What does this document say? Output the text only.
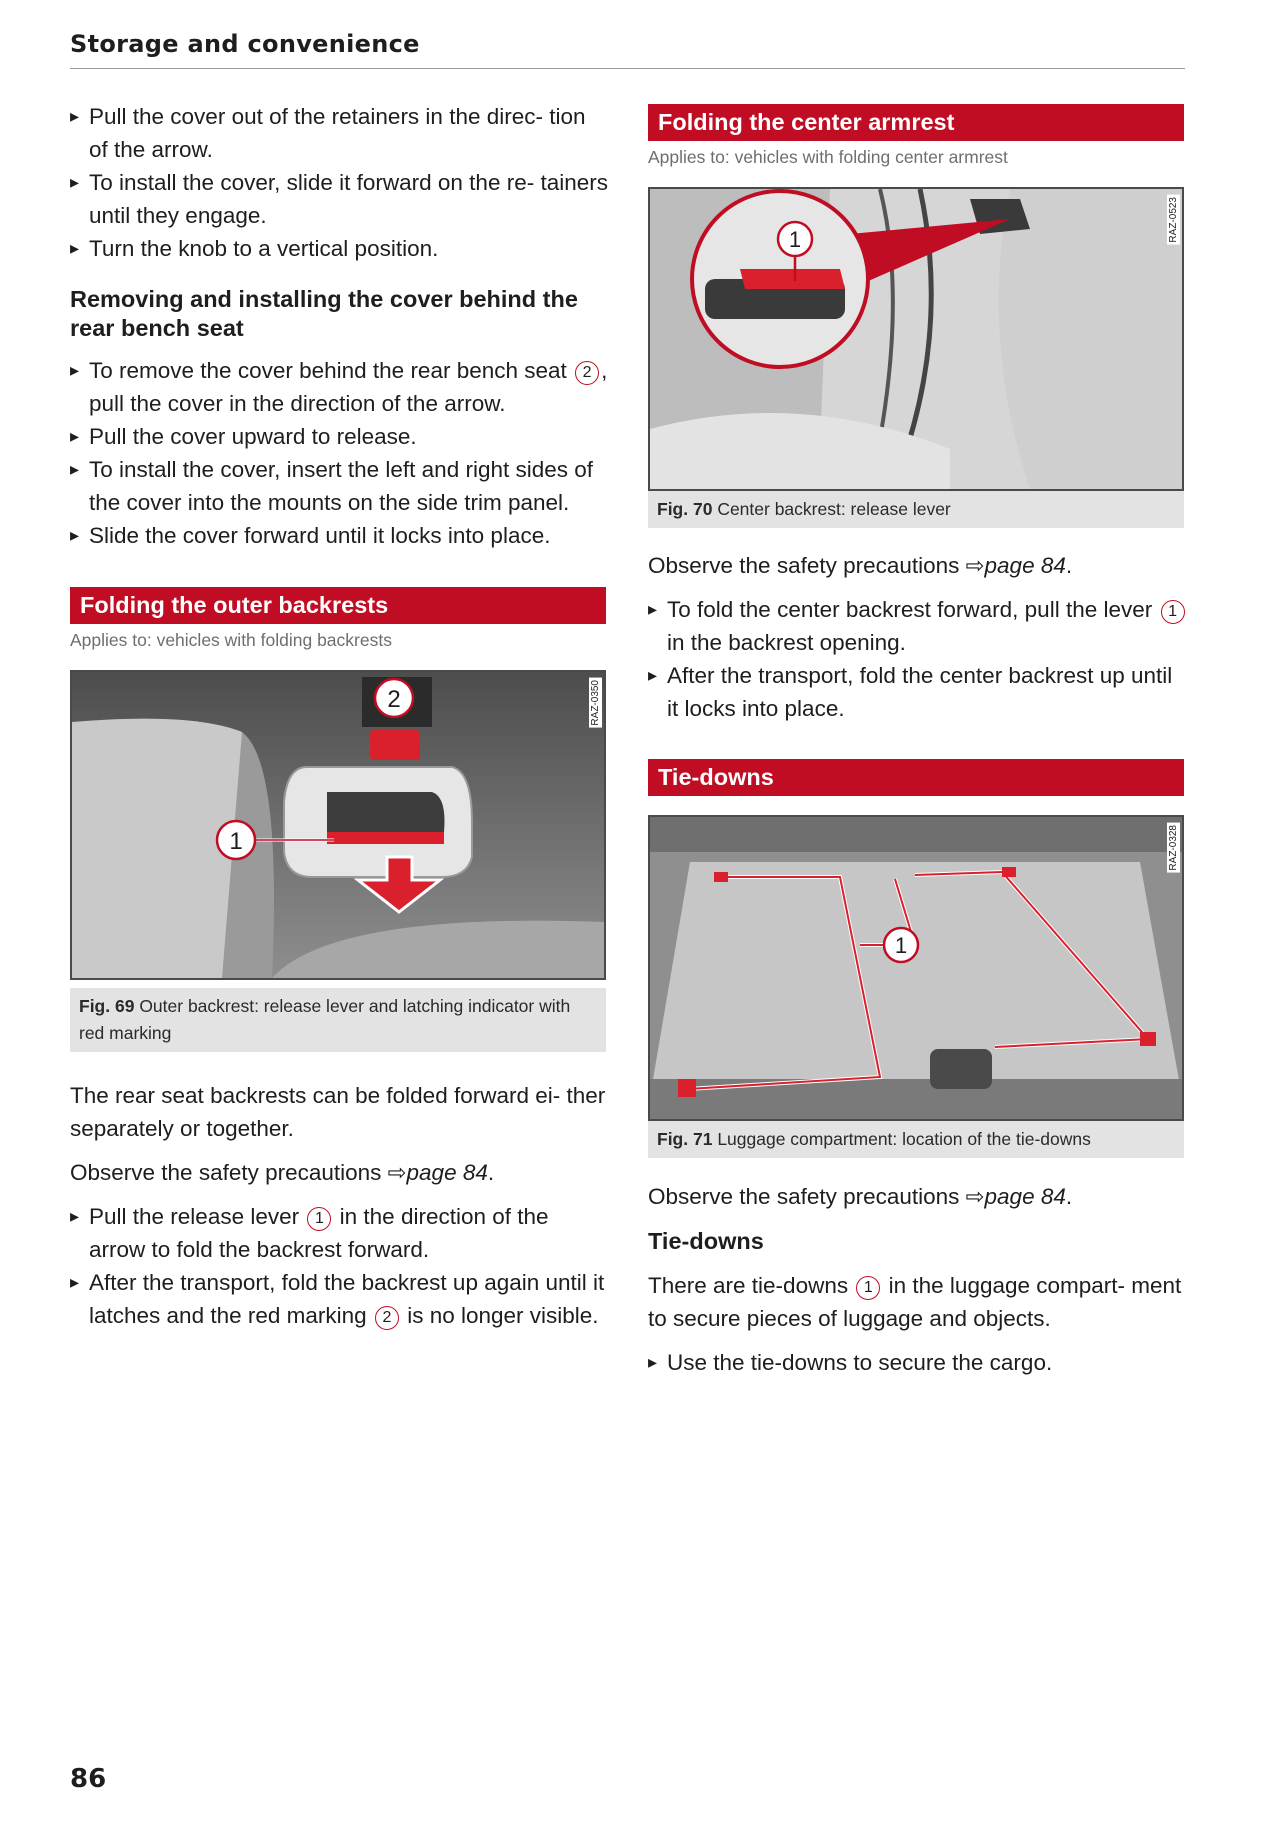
Storage and convenience

▸ Pull the cover out of the retainers in the direc- tion of the arrow.

▸ To install the cover, slide it forward on the re- tainers until they engage.

▸ Turn the knob to a vertical position.

Removing and installing the cover behind the rear bench seat

▸ To remove the cover behind the rear bench seat 2 , pull the cover in the direction of the arrow.

▸ Pull the cover upward to release.

▸ To install the cover, insert the left and right sides of the cover into the mounts on the side trim panel.

▸ Slide the cover forward until it locks into place.

Folding the outer backrests
Applies to: vehicles with folding backrests
1
2	RAZ-0350
Fig. 69 Outer backrest: release lever and latching indicator with red marking

The rear seat backrests can be folded forward ei- ther separately or together.

Observe the safety precautions ⇨page 84.

▸ Pull the release lever 1 in the direction of the arrow to fold the backrest forward.

▸ After the transport, fold the backrest up again until it latches and the red marking 2 is no longer visible.

Folding the center armrest
Applies to: vehicles with folding center armrest
1	RAZ-0523
Fig. 70 Center backrest: release lever

Observe the safety precautions ⇨page 84.

▸ To fold the center backrest forward, pull the lever 1 in the backrest opening.

▸ After the transport, fold the center backrest up until it locks into place.

Tie-downs
1
RAZ-0328
Fig. 71 Luggage compartment: location of the tie-downs

Observe the safety precautions ⇨page 84.

Tie-downs

There are tie-downs 1 in the luggage compart- ment to secure pieces of luggage and objects.

▸ Use the tie-downs to secure the cargo.

86
